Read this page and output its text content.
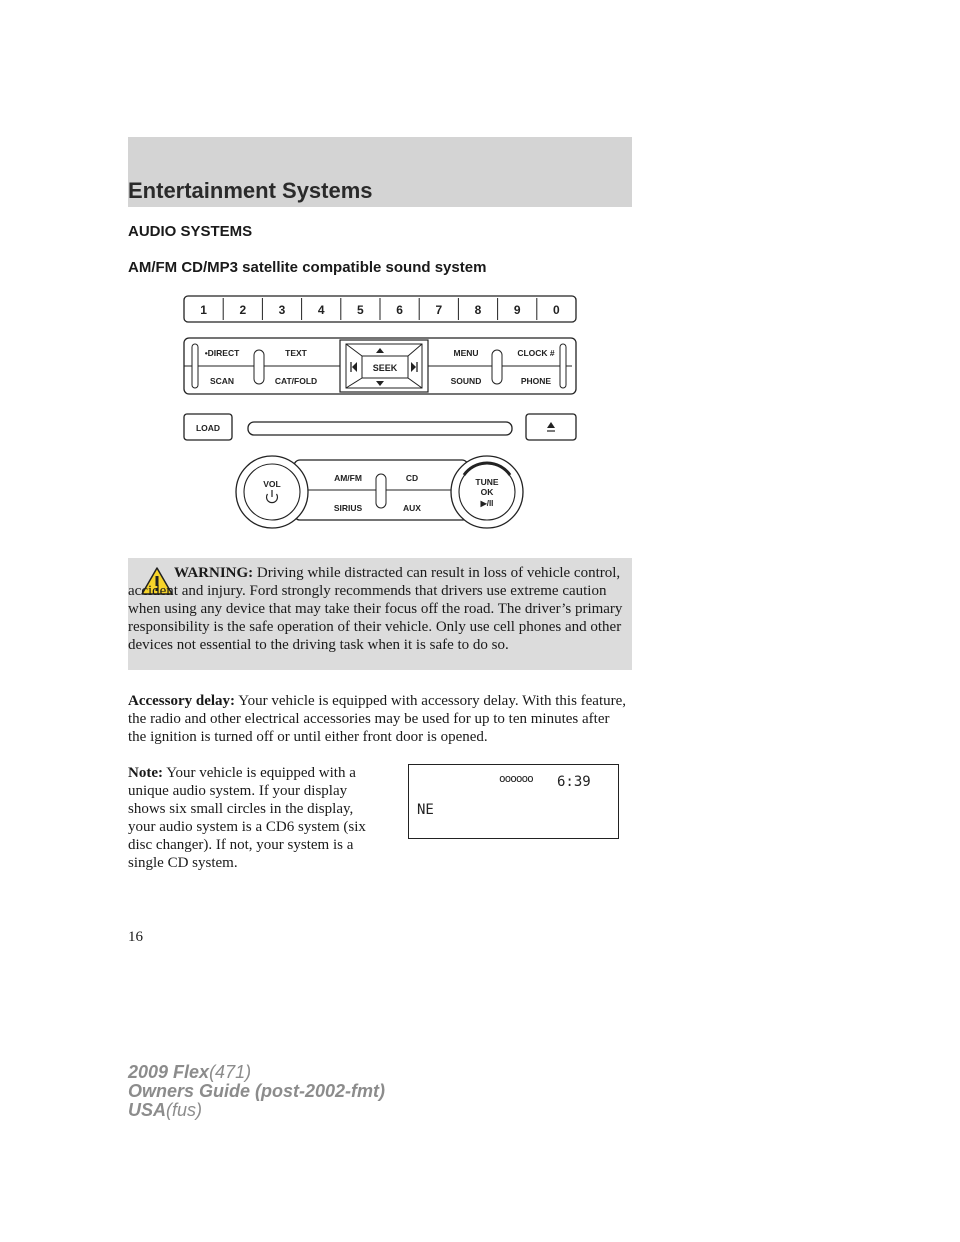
Entertainment Systems
AUDIO SYSTEMS
AM/FM CD/MP3 satellite compatible sound system
1	2	3	4	5	6	7	8	9	0
SEEK
•DIRECT
SCAN
TEXT
CAT/FOLD
MENU
SOUND
CLOCK #
PHONE
LOAD
AM/FM	CD
SIRIUS	AUX
VOL	TUNE
OK
▶/II

WARNING: Driving while distracted can result in loss of vehicle control, accident and injury. Ford strongly recommends that drivers use extreme caution when using any device that may take their focus off the road. The driver’s primary responsibility is the safe operation of their vehicle. Only use cell phones and other devices not essential to the driving task when it is safe to do so.

Accessory delay: Your vehicle is equipped with accessory delay. With this feature, the radio and other electrical accessories may be used for up to ten minutes after the ignition is turned off or until either front door is opened.

Note: Your vehicle is equipped with a unique audio system. If your display shows six small circles in the display, your audio system is a CD6 system (six disc changer). If not, your system is a single CD system.

oooooo 6:39
NE
16
2009 Flex(471)
Owners Guide (post-2002-fmt)
USA(fus)
